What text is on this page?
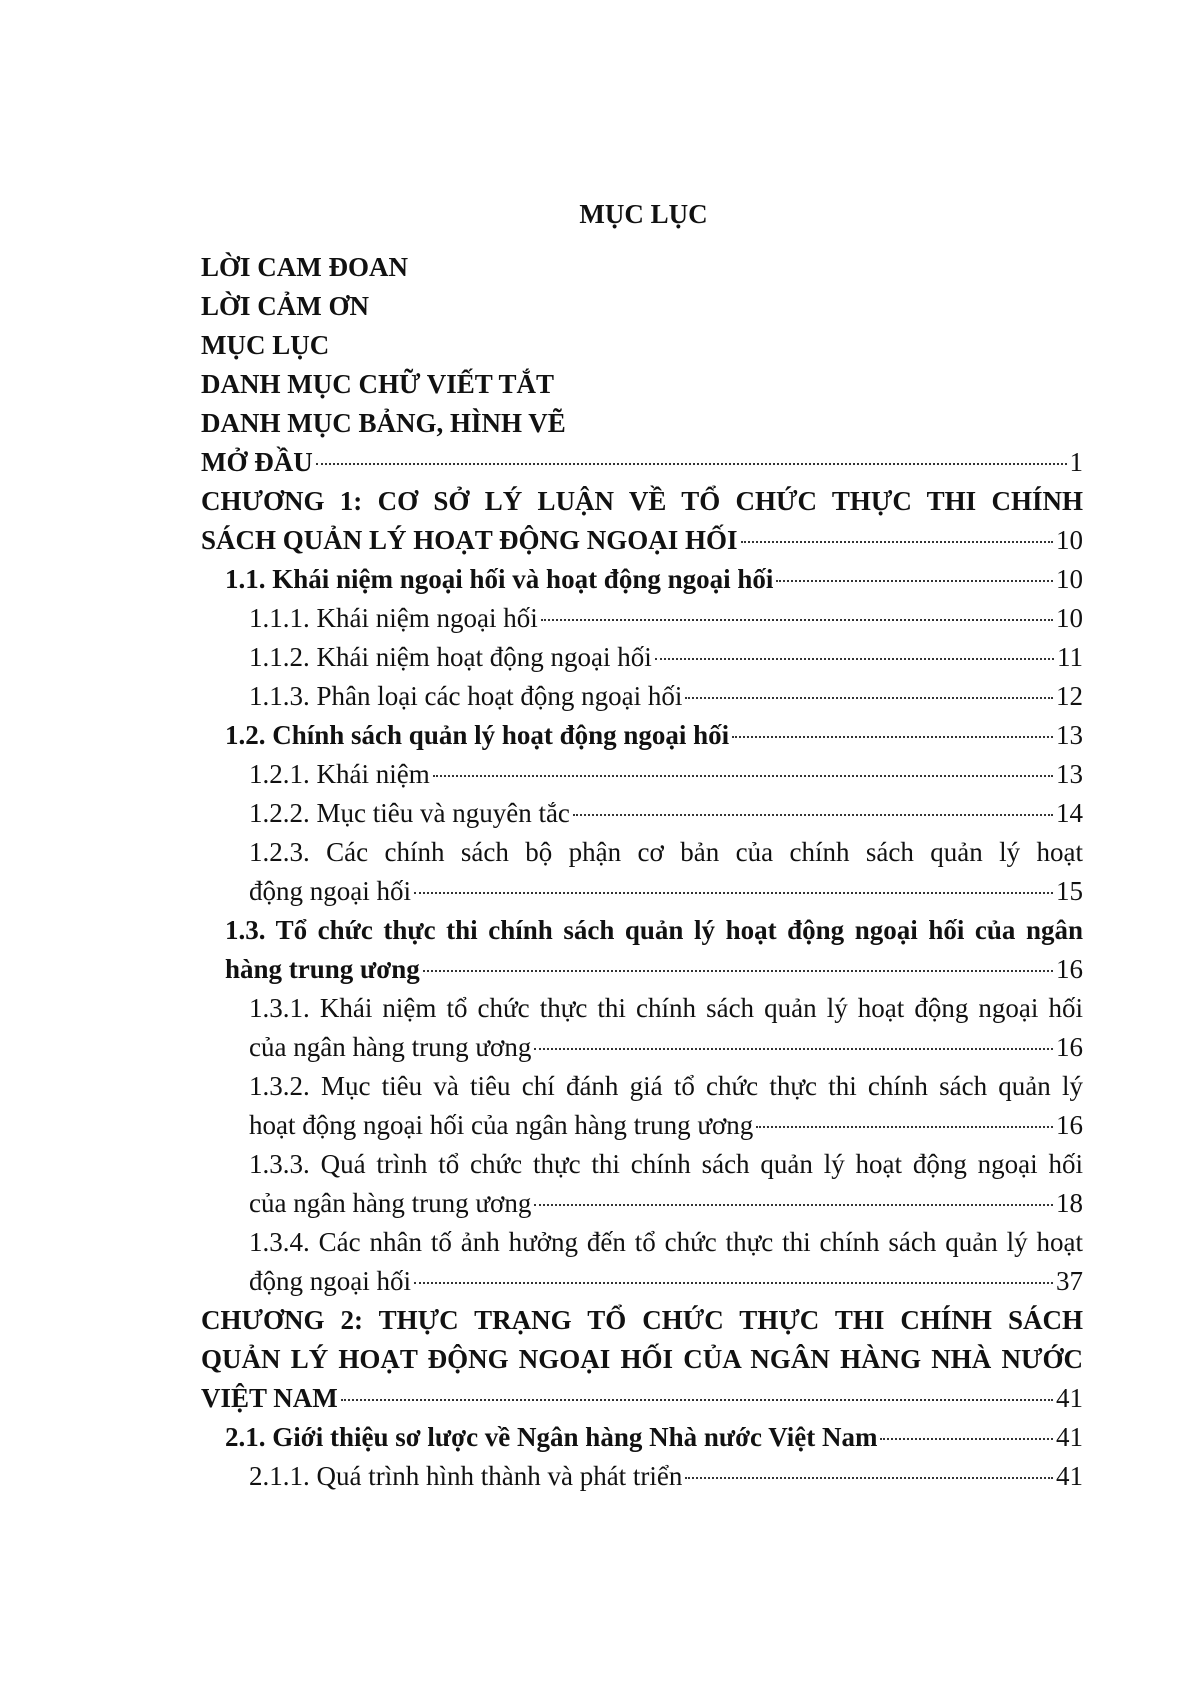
MỤC LỤC
LỜI CAM ĐOAN
LỜI CẢM ƠN
MỤC LỤC
DANH MỤC CHỮ VIẾT TẮT
DANH MỤC BẢNG, HÌNH VẼ
MỞ ĐẦU	1
CHƯƠNG 1: CƠ SỞ LÝ LUẬN VỀ TỔ CHỨC THỰC THI CHÍNH
SÁCH QUẢN LÝ HOẠT ĐỘNG NGOẠI HỐI	10
1.1. Khái niệm ngoại hối và hoạt động ngoại hối	10
1.1.1. Khái niệm ngoại hối	10
1.1.2. Khái niệm hoạt động ngoại hối	11
1.1.3. Phân loại các hoạt động ngoại hối	12
1.2. Chính sách quản lý hoạt động ngoại hối	13
1.2.1. Khái niệm	13
1.2.2. Mục tiêu và nguyên tắc	14
1.2.3. Các chính sách bộ phận cơ bản của chính sách quản lý hoạt
động ngoại hối	15
1.3. Tổ chức thực thi chính sách quản lý hoạt động ngoại hối của ngân
hàng trung ương	16
1.3.1. Khái niệm tổ chức thực thi chính sách quản lý hoạt động ngoại hối
của ngân hàng trung ương	16
1.3.2. Mục tiêu và tiêu chí đánh giá tổ chức thực thi chính sách quản lý
hoạt động ngoại hối của ngân hàng trung ương	16
1.3.3. Quá trình tổ chức thực thi chính sách quản lý hoạt động ngoại hối
của ngân hàng trung ương	18
1.3.4. Các nhân tố ảnh hưởng đến tổ chức thực thi chính sách quản lý hoạt
động ngoại hối	37
CHƯƠNG 2: THỰC TRẠNG TỔ CHỨC THỰC THI CHÍNH SÁCH
QUẢN LÝ HOẠT ĐỘNG NGOẠI HỐI CỦA NGÂN HÀNG NHÀ NƯỚC
VIỆT NAM	41
2.1. Giới thiệu sơ lược về Ngân hàng Nhà nước Việt Nam	41
2.1.1. Quá trình hình thành và phát triển	41
